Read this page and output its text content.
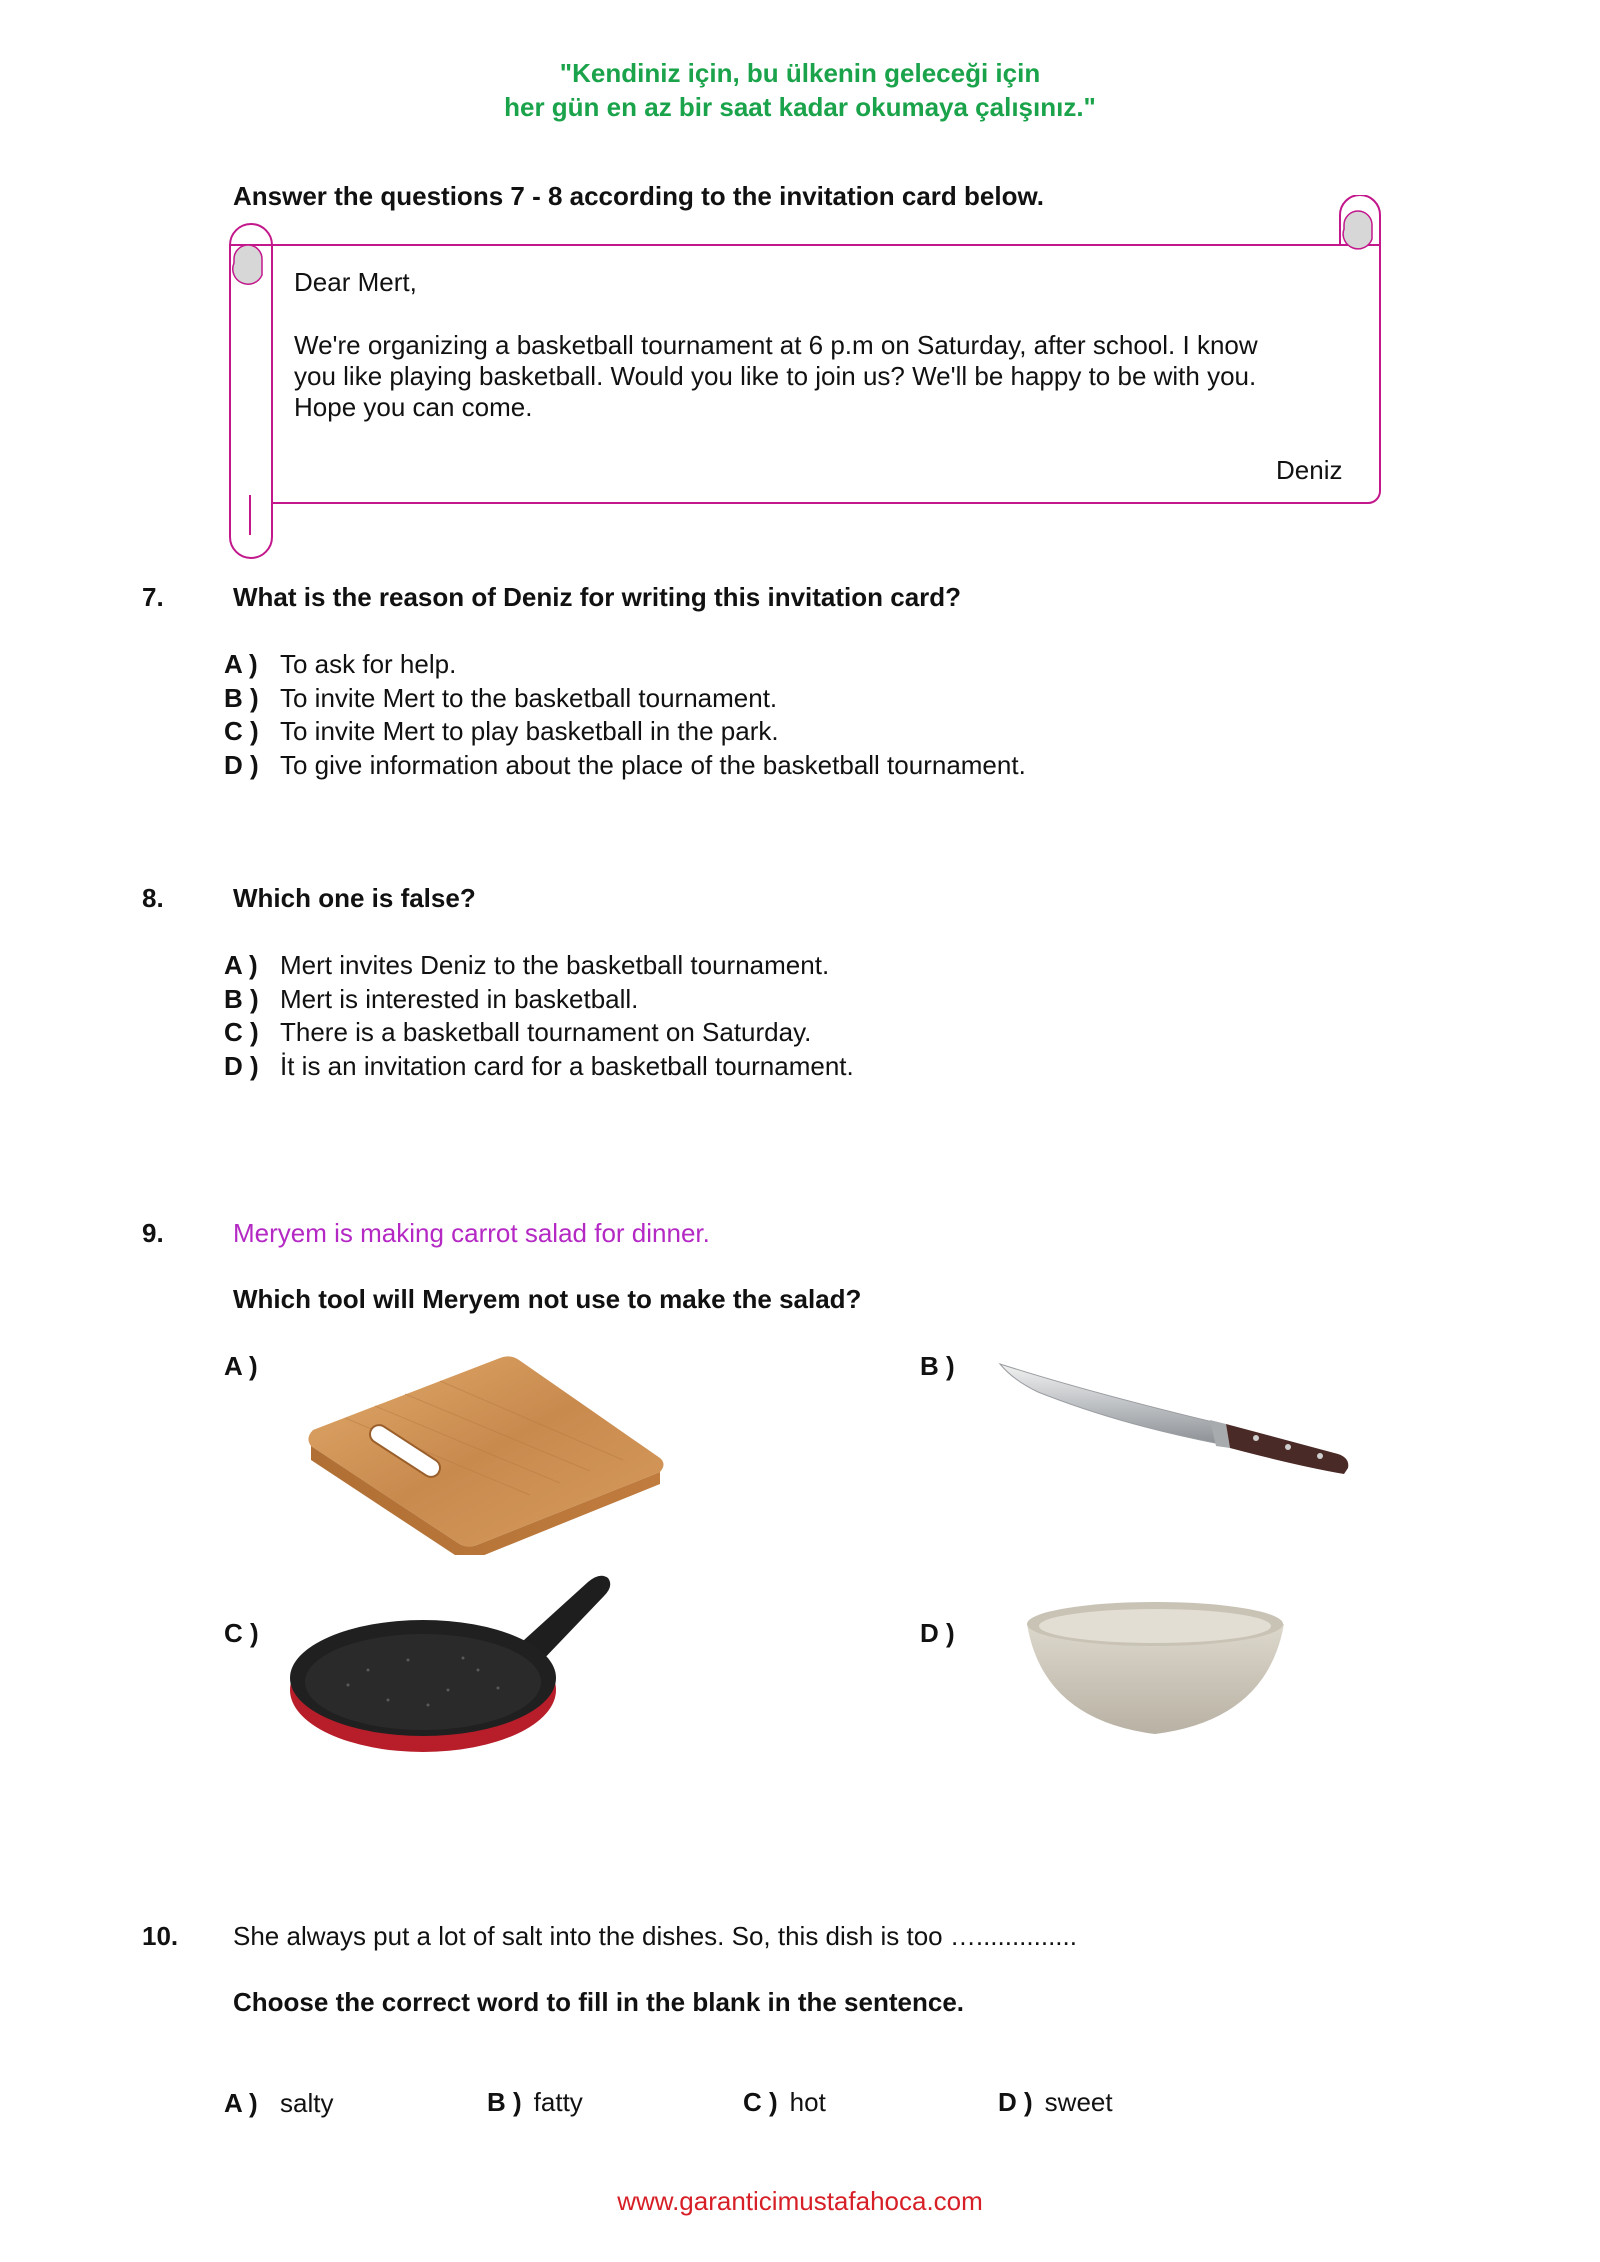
"Kendiniz için, bu ülkenin geleceği için
her gün en az bir saat kadar okumaya çalışınız."
Answer the questions 7 - 8 according to the invitation card below.
Dear Mert,
We're organizing a basketball tournament at 6 p.m on Saturday, after school. I know
you like playing basketball. Would you like to join us? We'll be happy to be with you.
Hope you can come.
Deniz
7.	What is the reason of Deniz for writing this invitation card?
A ) To ask for help.
B ) To invite Mert to the basketball tournament.
C ) To invite Mert to play basketball in the park.
D ) To give information about the place of the basketball tournament.
8.	Which one is false?
A ) Mert invites Deniz to the basketball tournament.
B ) Mert is interested in basketball.
C ) There is a basketball tournament on Saturday.
D ) İt is an invitation card for a basketball tournament.
9.	Meryem is making carrot salad for dinner.
Which tool will Meryem not use to make the salad?
A )	B )
C )	D )
10. She always put a lot of salt into the dishes. So, this dish is too …..............
Choose the correct word to fill in the blank in the sentence.
A ) salty	B ) fatty	C ) hot	D ) sweet
www.garanticimustafahoca.com
